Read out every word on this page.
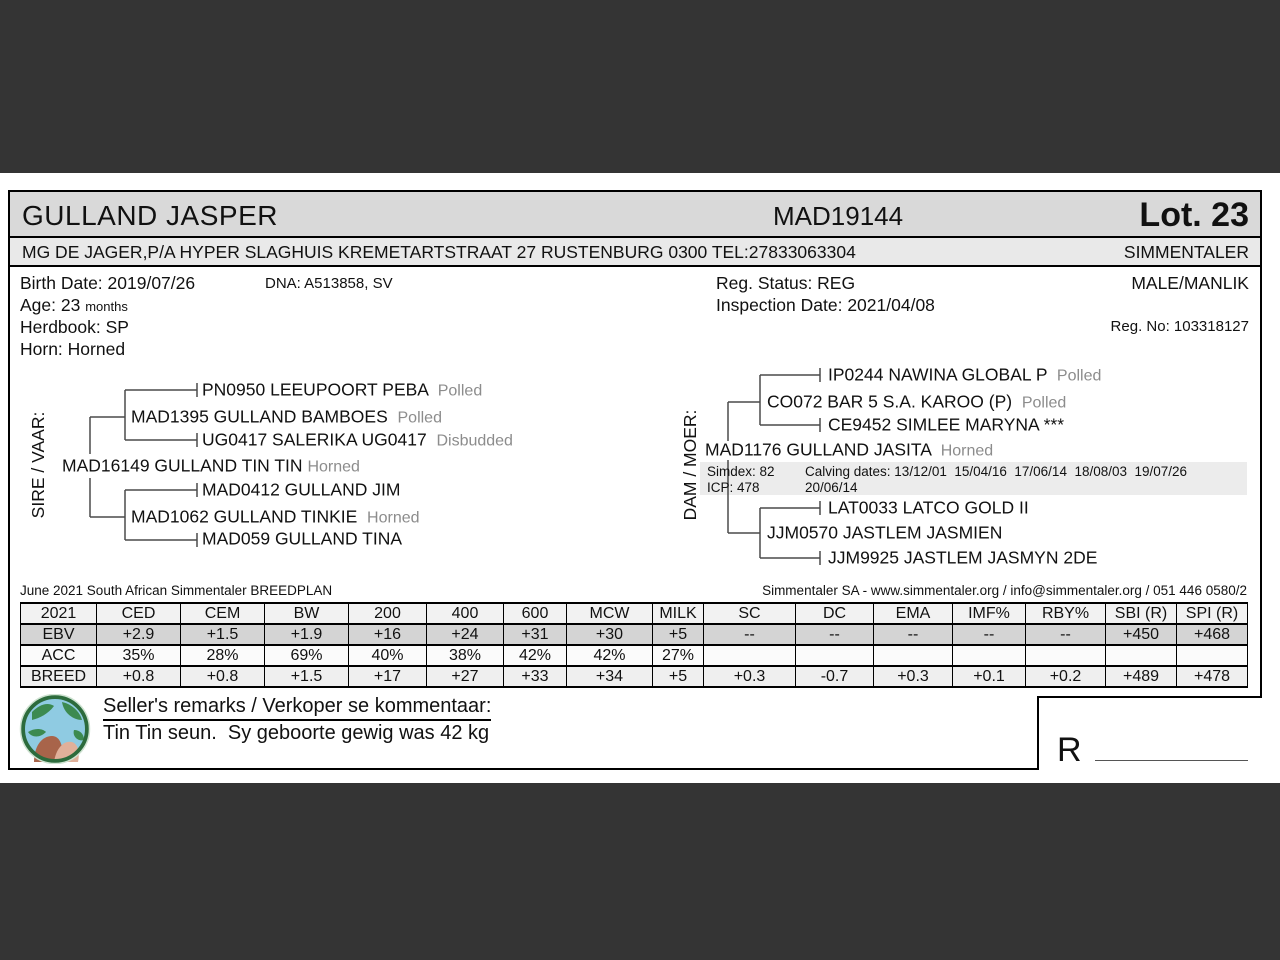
GULLAND JASPER	MAD19144	Lot. 23
MG DE JAGER,P/A HYPER SLAGHUIS KREMETARTSTRAAT 27 RUSTENBURG 0300 TEL:27833063304	SIMMENTALER
Birth Date: 2019/07/26
Age: 23 months
Herdbook: SP
Horn: Horned
DNA: A513858, SV	Reg. Status: REG
Inspection Date: 2021/04/08
MALE/MANLIK
Reg. No: 103318127
SIRE / VAAR:	DAM / MOER:
PN0950 LEEUPOORT PEBA Polled
MAD1395 GULLAND BAMBOES Polled
UG0417 SALERIKA UG0417 Disbudded
MAD16149 GULLAND TIN TIN Horned
MAD0412 GULLAND JIM
MAD1062 GULLAND TINKIE Horned
MAD059 GULLAND TINA
IP0244 NAWINA GLOBAL P Polled
CO072 BAR 5 S.A. KAROO (P) Polled
CE9452 SIMLEE MARYNA ***
MAD1176 GULLAND JASITA Horned
LAT0033 LATCO GOLD II
JJM0570 JASTLEM JASMIEN
JJM9925 JASTLEM JASMYN 2DE
Simdex: 82
ICP: 478
Calving dates: 13/12/01  15/04/16  17/06/14  18/08/03  19/07/26
20/06/14
June 2021 South African Simmentaler BREEDPLAN	Simmentaler SA - www.simmentaler.org / info@simmentaler.org / 051 446 0580/2
2021	CED	CEM	BW	200	400	600	MCW	MILK	SC	DC	EMA	IMF%	RBY%	SBI (R)	SPI (R)
EBV	+2.9	+1.5	+1.9	+16	+24	+31	+30	+5	--	--	--	--	--	+450	+468
ACC	35%	28%	69%	40%	38%	42%	42%	27%							
BREED	+0.8	+0.8	+1.5	+17	+27	+33	+34	+5	+0.3	-0.7	+0.3	+0.1	+0.2	+489	+478
Seller's remarks / Verkoper se kommentaar:
Tin Tin seun.  Sy geboorte gewig was 42 kg	R
